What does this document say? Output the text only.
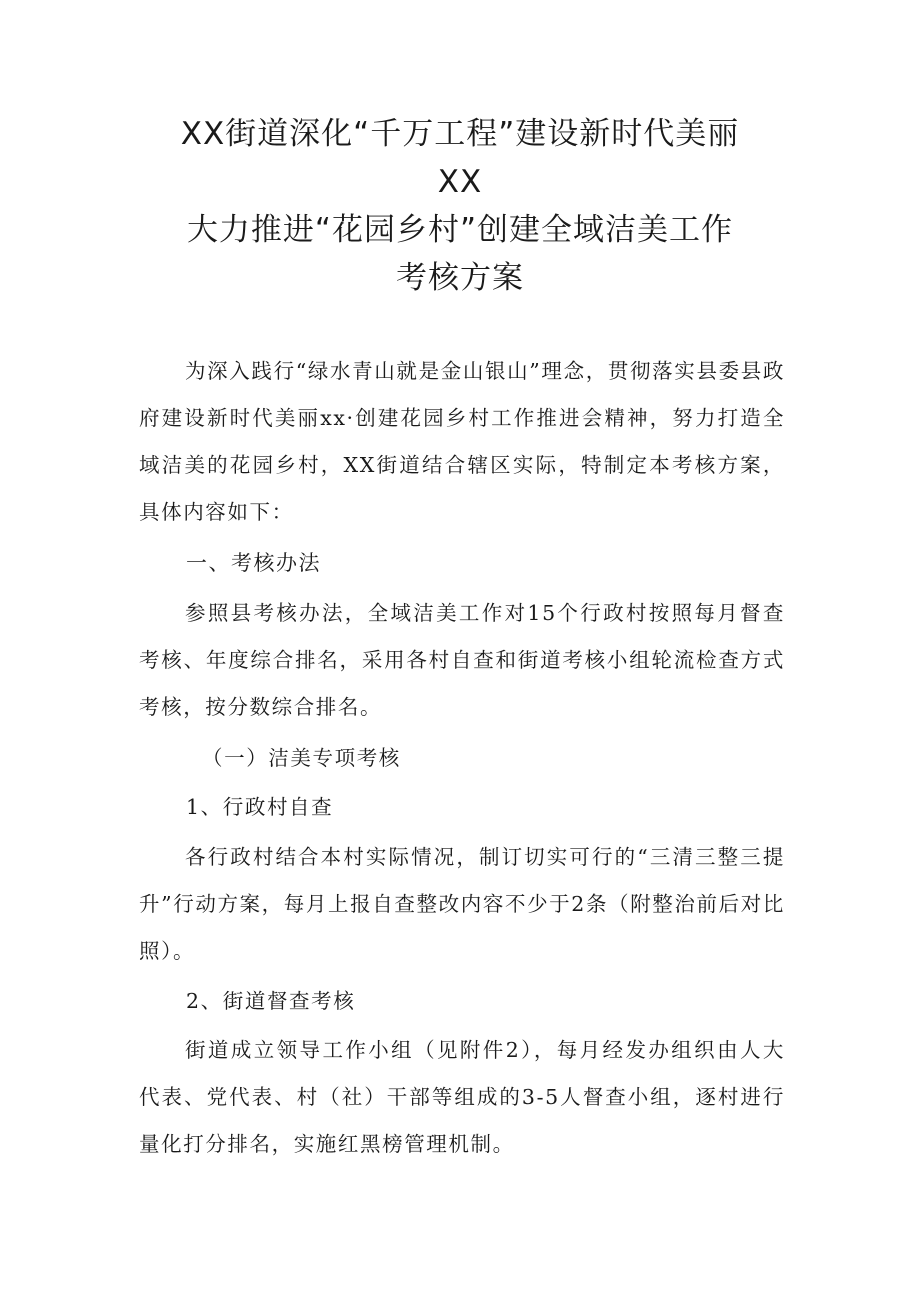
XX街道深化“千万工程”建设新时代美丽
XX
大力推进“花园乡村”创建全域洁美工作
考核方案

为深入践行“绿水青山就是金山银山”理念，贯彻落实县委县政府建设新时代美丽xx·创建花园乡村工作推进会精神，努力打造全域洁美的花园乡村，XX街道结合辖区实际，特制定本考核方案，具体内容如下：

一、考核办法

参照县考核办法，全域洁美工作对15个行政村按照每月督查考核、年度综合排名，采用各村自查和街道考核小组轮流检查方式考核，按分数综合排名。

（一）洁美专项考核
1、行政村自查

各行政村结合本村实际情况，制订切实可行的“三清三整三提升”行动方案，每月上报自查整改内容不少于2条（附整治前后对比照）。

2、街道督查考核

街道成立领导工作小组（见附件2），每月经发办组织由人大代表、党代表、村（社）干部等组成的3-5人督查小组，逐村进行量化打分排名，实施红黑榜管理机制。
